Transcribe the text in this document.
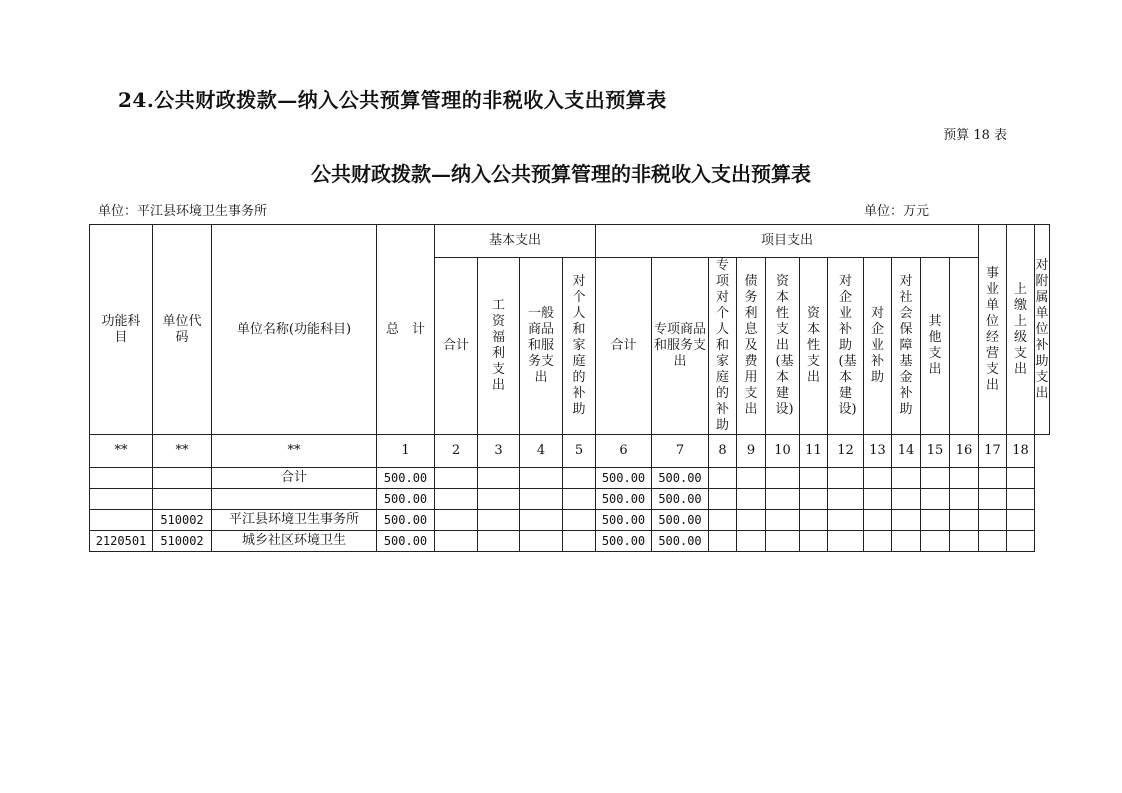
24.公共财政拨款—纳入公共预算管理的非税收入支出预算表
预算 18 表
公共财政拨款—纳入公共预算管理的非税收入支出预算表
单位：平江县环境卫生事务所	单位：万元
功能科目	单位代码	单位名称(功能科目)	总　计	基本支出				项目支出											事业单位经营支出	上缴上级支出	对附属单位补助支出
				合计	工资福利支出	一般商品和服务支出	对个人和家庭的补助	合计	专项商品和服务支出	专项对个人和家庭的补助	债务利息及费用支出	资本性支出(基本建设)	资本性支出	对企业补助(基本建设)	对企业补助	对社会保障基金补助	其他支出				
**	**	**	1	2	3	4	5	6	7	8	9	10	11	12	13	14	15	16	17	18	
		合计	500.00					500.00	500.00												
			500.00					500.00	500.00												
	510002	平江县环境卫生事务所	500.00					500.00	500.00												
2120501	510002	城乡社区环境卫生	500.00					500.00	500.00												
